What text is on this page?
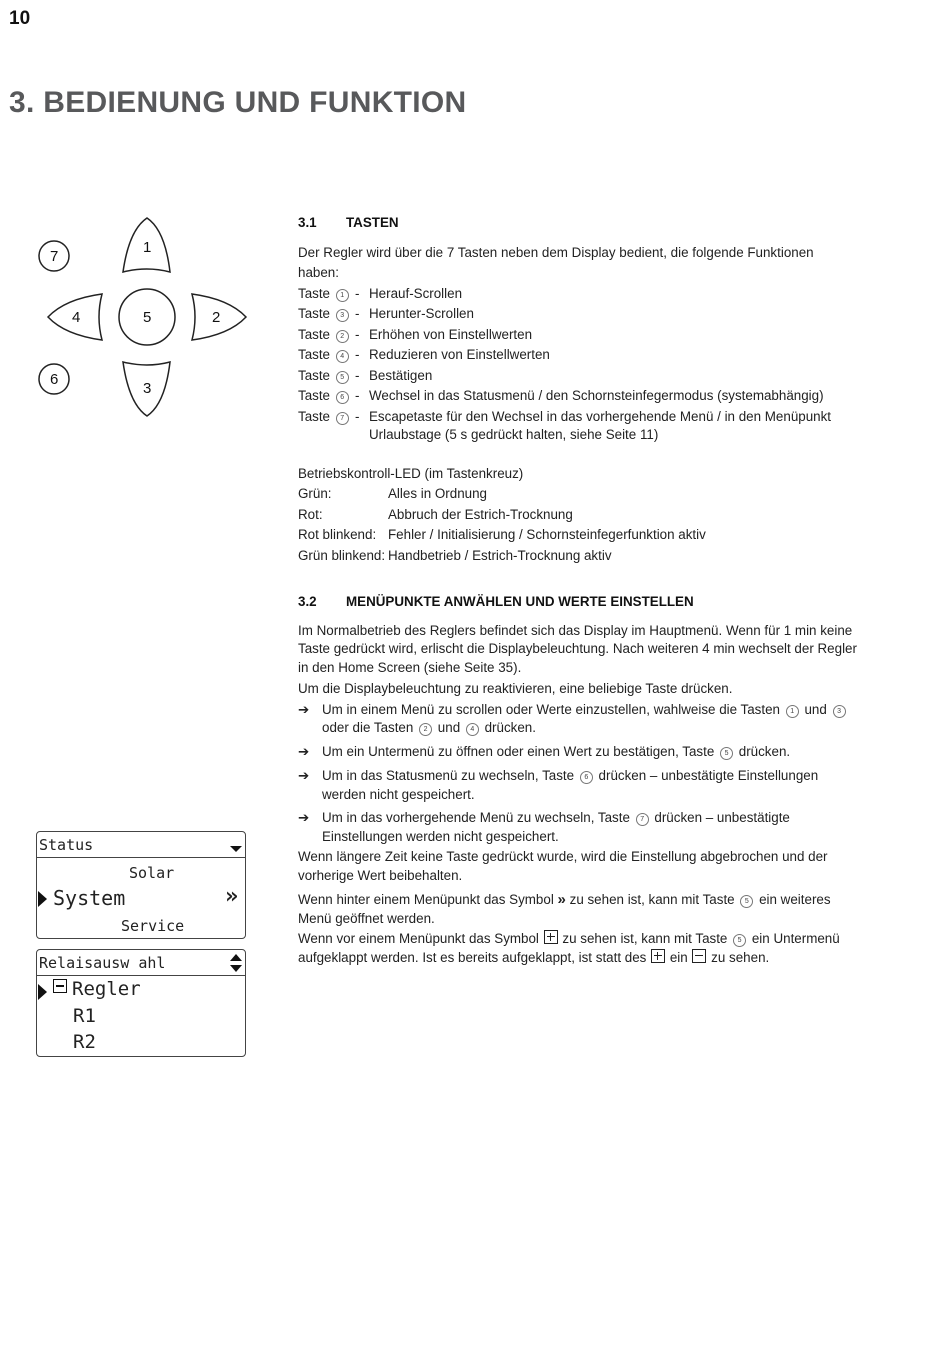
10
3. BEDIENUNG UND FUNKTION
7
6
5
1
3
4	2
Status
Solar
System	»
Service
Relaisausw ahl
Regler
R1
R2
3.1 TASTEN

Der Regler wird über die 7 Tasten neben dem Display bedient, die folgende Funktionen haben:

Taste 1 - Herauf-Scrollen
Taste 3 - Herunter-Scrollen
Taste 2 - Erhöhen von Einstellwerten
Taste 4 - Reduzieren von Einstellwerten
Taste 5 - Bestätigen
Taste 6 - Wechsel in das Statusmenü / den Schornsteinfegermodus (systemabhängig)
Taste 7 - Escapetaste für den Wechsel in das vorhergehende Menü / in den Menüpunkt Urlaubstage (5 s gedrückt halten, siehe Seite 11)

Betriebskontroll-LED (im Tastenkreuz)

Grün:	Alles in Ordnung
Rot:	Abbruch der Estrich-Trocknung
Rot blinkend: Fehler / Initialisierung / Schornsteinfegerfunktion aktiv
Grün blinkend: Handbetrieb / Estrich-Trocknung aktiv
3.2 MENÜPUNKTE ANWÄHLEN UND WERTE EINSTELLEN

Im Normalbetrieb des Reglers befindet sich das Display im Hauptmenü. Wenn für 1 min keine Taste gedrückt wird, erlischt die Displaybeleuchtung. Nach weiteren 4 min wechselt der Regler in den Home Screen (siehe Seite 35).

Um die Displaybeleuchtung zu reaktivieren, eine beliebige Taste drücken.

➔ Um in einem Menü zu scrollen oder Werte einzustellen, wahlweise die Tasten 1 und 3 oder die Tasten 2 und 4 drücken.
➔ Um ein Untermenü zu öffnen oder einen Wert zu bestätigen, Taste 5 drücken.
➔ Um in das Statusmenü zu wechseln, Taste 6 drücken – unbestätigte Einstellungen werden nicht gespeichert.
➔ Um in das vorhergehende Menü zu wechseln, Taste 7 drücken – unbestätigte Einstellungen werden nicht gespeichert.

Wenn längere Zeit keine Taste gedrückt wurde, wird die Einstellung abgebrochen und der vorherige Wert beibehalten.

Wenn hinter einem Menüpunkt das Symbol » zu sehen ist, kann mit Taste 5 ein weiteres Menü geöffnet werden.

Wenn vor einem Menüpunkt das Symbol zu sehen ist, kann mit Taste 5 ein Untermenü aufgeklappt werden. Ist es bereits aufgeklappt, ist statt des ein zu sehen.
